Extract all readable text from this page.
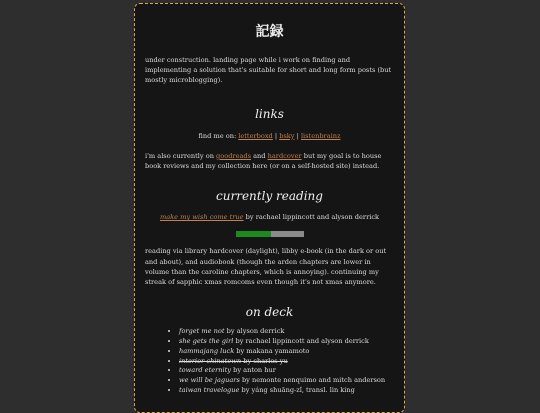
記録

under construction. landing page while i work on finding and implementing a solution that's suitable for short and long form posts (but mostly microblogging).

links

find me on: letterboxd | bsky | listenbrainz

i'm also currently on goodreads and hardcover but my goal is to house book reviews and my collection here (or on a self-hosted site) instead.

currently reading

make my wish come true by rachael lippincott and alyson derrick

reading via library hardcover (daylight), libby e-book (in the dark or out and about), and audiobook (though the arden chapters are lower in volume than the caroline chapters, which is annoying). continuing my streak of sapphic xmas romcoms even though it's not xmas anymore.

on deck
• forget me not by alyson derrick
• she gets the girl by rachael lippincott and alyson derrick
• hammajang luck by makana yamamoto
• interior chinatown by charles yu
• toward eternity by anton hur
• we will be jaguars by nemonte nenquimo and mitch anderson
• taiwan travelogue by yáng shuāng-zǐ, transl. lin king
